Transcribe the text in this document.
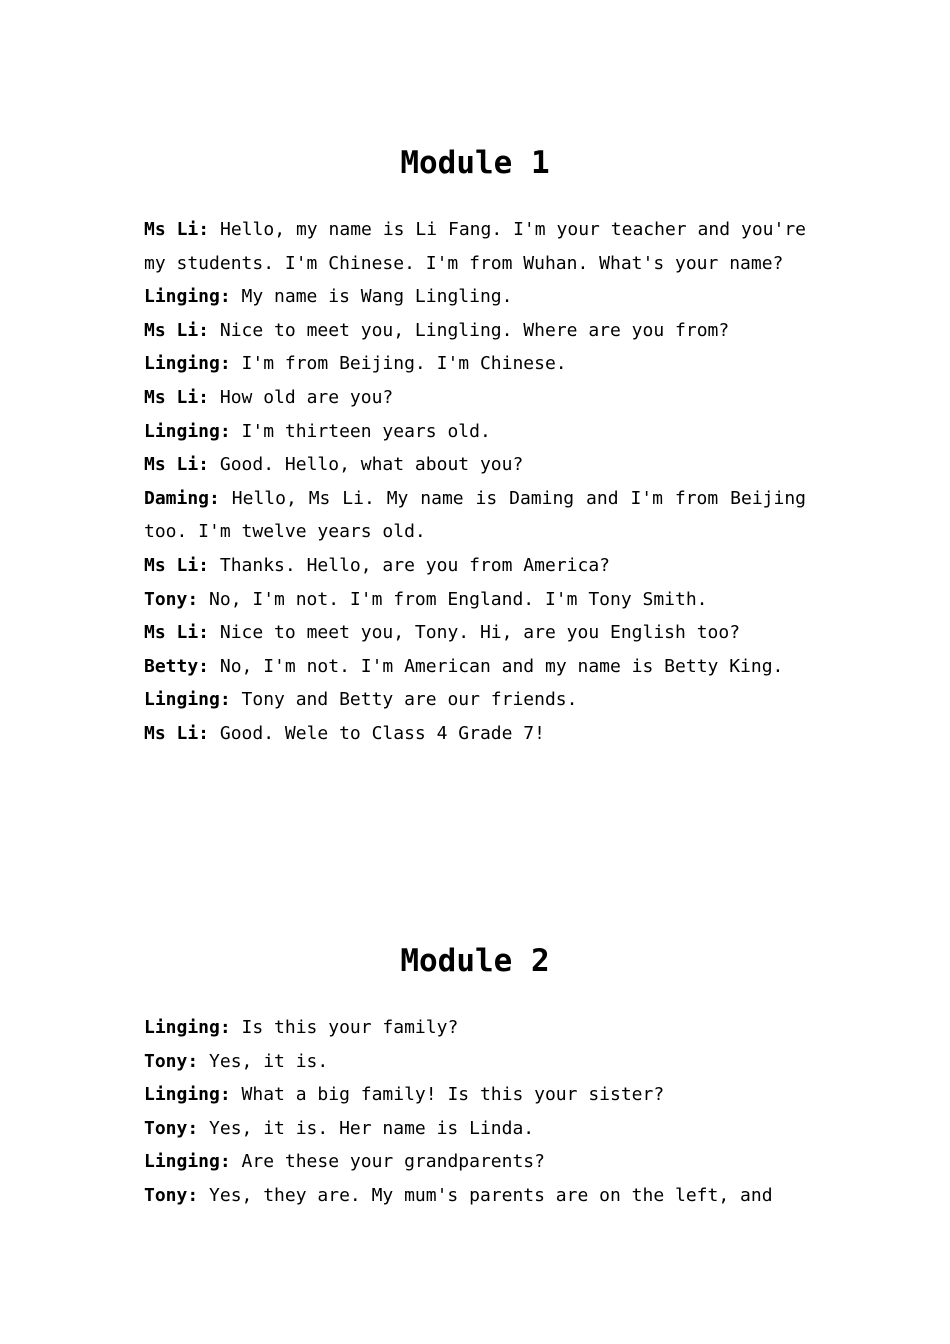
Module 1

Ms Li: Hello, my name is Li Fang. I'm your teacher and you're my students. I'm Chinese. I'm from Wuhan. What's your name?

Linging: My name is Wang Lingling.

Ms Li: Nice to meet you, Lingling. Where are you from?

Linging: I'm from Beijing. I'm Chinese.

Ms Li: How old are you?

Linging: I'm thirteen years old.

Ms Li: Good. Hello, what about you?

Daming: Hello, Ms Li. My name is Daming and I'm from Beijing too. I'm twelve years old.

Ms Li: Thanks. Hello, are you from America?

Tony: No, I'm not. I'm from England. I'm Tony Smith.

Ms Li: Nice to meet you, Tony. Hi, are you English too?

Betty: No, I'm not. I'm American and my name is Betty King.

Linging: Tony and Betty are our friends.

Ms Li: Good. Wele to Class 4 Grade 7!

Module 2

Linging: Is this your family?

Tony: Yes, it is.

Linging: What a big family! Is this your sister?

Tony: Yes, it is. Her name is Linda.

Linging: Are these your grandparents?

Tony: Yes, they are. My mum's parents are on the left, and
